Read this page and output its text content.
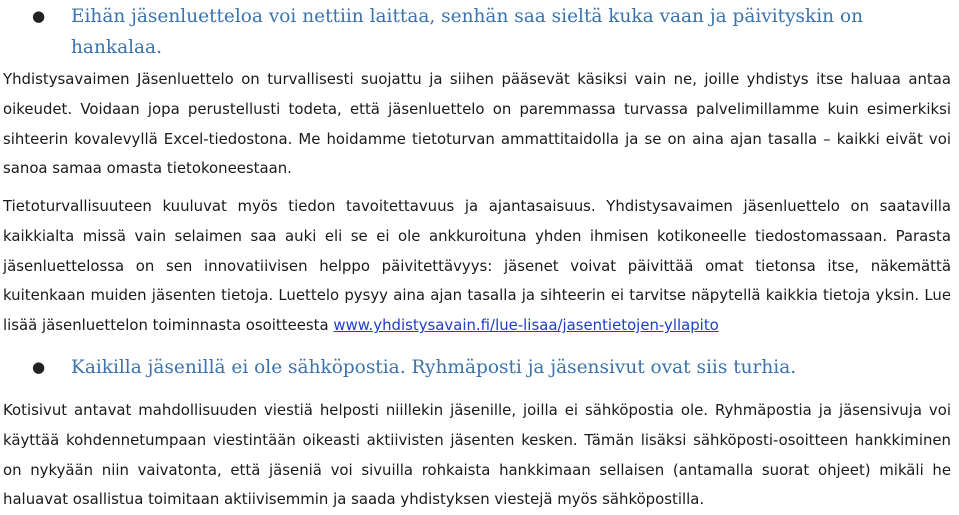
● Eihän jäsenluetteloa voi nettiin laittaa, senhän saa sieltä kuka vaan ja päivityskin on hankalaa.

Yhdistysavaimen Jäsenluettelo on turvallisesti suojattu ja siihen pääsevät käsiksi vain ne, joille yhdistys itse haluaa antaa oikeudet. Voidaan jopa perustellusti todeta, että jäsenluettelo on paremmassa turvassa palvelimillamme kuin esimerkiksi sihteerin kovalevyllä Excel-tiedostona. Me hoidamme tietoturvan ammattitaidolla ja se on aina ajan tasalla – kaikki eivät voi sanoa samaa omasta tietokoneestaan.

Tietoturvallisuuteen kuuluvat myös tiedon tavoitettavuus ja ajantasaisuus. Yhdistysavaimen jäsenluettelo on saatavilla kaikkialta missä vain selaimen saa auki eli se ei ole ankkuroituna yhden ihmisen kotikoneelle tiedostomassaan. Parasta jäsenluettelossa on sen innovatiivisen helppo päivitettävyys: jäsenet voivat päivittää omat tietonsa itse, näkemättä kuitenkaan muiden jäsenten tietoja. Luettelo pysyy aina ajan tasalla ja sihteerin ei tarvitse näpytellä kaikkia tietoja yksin. Lue lisää jäsenluettelon toiminnasta osoitteesta www.yhdistysavain.fi/lue-lisaa/jasentietojen-yllapito

● Kaikilla jäsenillä ei ole sähköpostia. Ryhmäposti ja jäsensivut ovat siis turhia.

Kotisivut antavat mahdollisuuden viestiä helposti niillekin jäsenille, joilla ei sähköpostia ole. Ryhmäpostia ja jäsensivuja voi käyttää kohdennetumpaan viestintään oikeasti aktiivisten jäsenten kesken. Tämän lisäksi sähköposti-osoitteen hankkiminen on nykyään niin vaivatonta, että jäseniä voi sivuilla rohkaista hankkimaan sellaisen (antamalla suorat ohjeet) mikäli he haluavat osallistua toimitaan aktiivisemmin ja saada yhdistyksen viestejä myös sähköpostilla.
